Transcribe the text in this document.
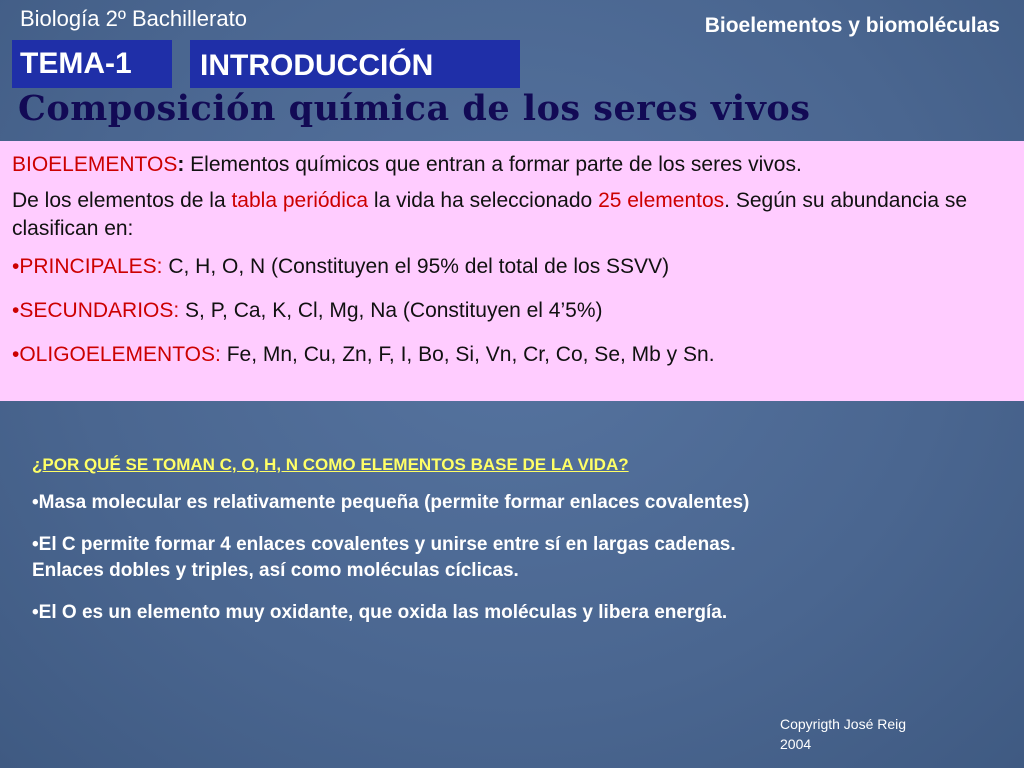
Biología 2º Bachillerato	Bioelementos y biomoléculas
TEMA-1	INTRODUCCIÓN
Composición química de los seres vivos

BIOELEMENTOS: Elementos químicos que entran a formar parte de los seres vivos.

De los elementos de la tabla periódica la vida ha seleccionado 25 elementos. Según su abundancia se clasifican en:

•PRINCIPALES: C, H, O, N (Constituyen el 95% del total de los SSVV)

•SECUNDARIOS: S, P, Ca, K, Cl, Mg, Na (Constituyen el 4’5%)

•OLIGOELEMENTOS: Fe, Mn, Cu, Zn, F, I, Bo, Si, Vn, Cr, Co, Se, Mb y Sn.

¿POR QUÉ SE TOMAN C, O, H, N COMO ELEMENTOS BASE DE LA VIDA?

•Masa molecular es relativamente pequeña (permite formar enlaces covalentes)

•El C permite formar 4 enlaces covalentes y unirse entre sí en largas cadenas.

Enlaces dobles y triples, así como moléculas cíclicas.

•El O es un elemento muy oxidante, que oxida las moléculas y libera energía.

Copyrigth José Reig
2004
